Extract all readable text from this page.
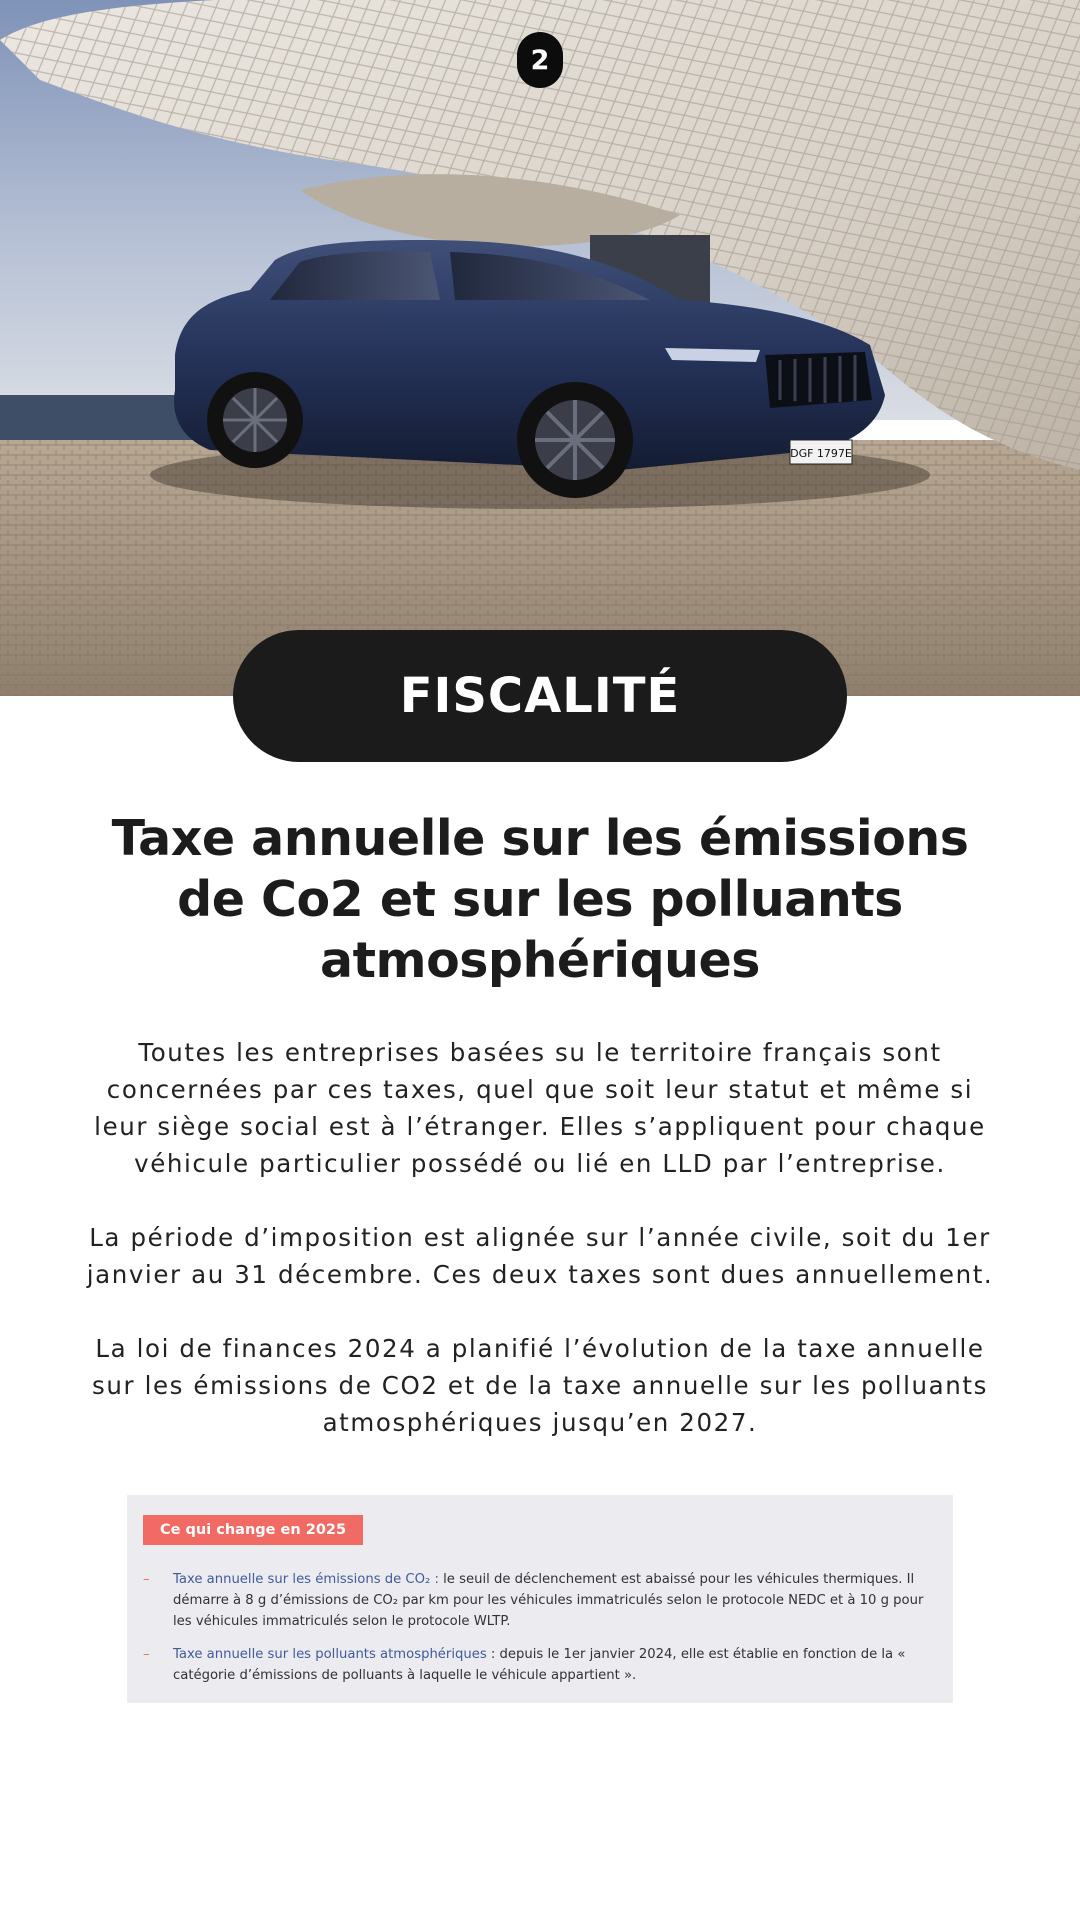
DGF 1797E
2
FISCALITÉ
Taxe annuelle sur les émissions de Co2 et sur les polluants atmosphériques

Toutes les entreprises basées su le territoire français sont concernées par ces taxes, quel que soit leur statut et même si leur siège social est à l’étranger. Elles s’appliquent pour chaque véhicule particulier possédé ou lié en LLD par l’entreprise.

La période d’imposition est alignée sur l’année civile, soit du 1er janvier au 31 décembre. Ces deux taxes sont dues annuellement.

La loi de finances 2024 a planifié l’évolution de la taxe annuelle sur les émissions de CO2 et de la taxe annuelle sur les polluants atmosphériques jusqu’en 2027.

Ce qui change en 2025
– Taxe annuelle sur les émissions de CO₂ : le seuil de déclenchement est abaissé pour les véhicules thermiques. Il démarre à 8 g d’émissions de CO₂ par km pour les véhicules immatriculés selon le protocole NEDC et à 10 g pour les véhicules immatriculés selon le protocole WLTP.
– Taxe annuelle sur les polluants atmosphériques : depuis le 1er janvier 2024, elle est établie en fonction de la « catégorie d’émissions de polluants à laquelle le véhicule appartient ».
